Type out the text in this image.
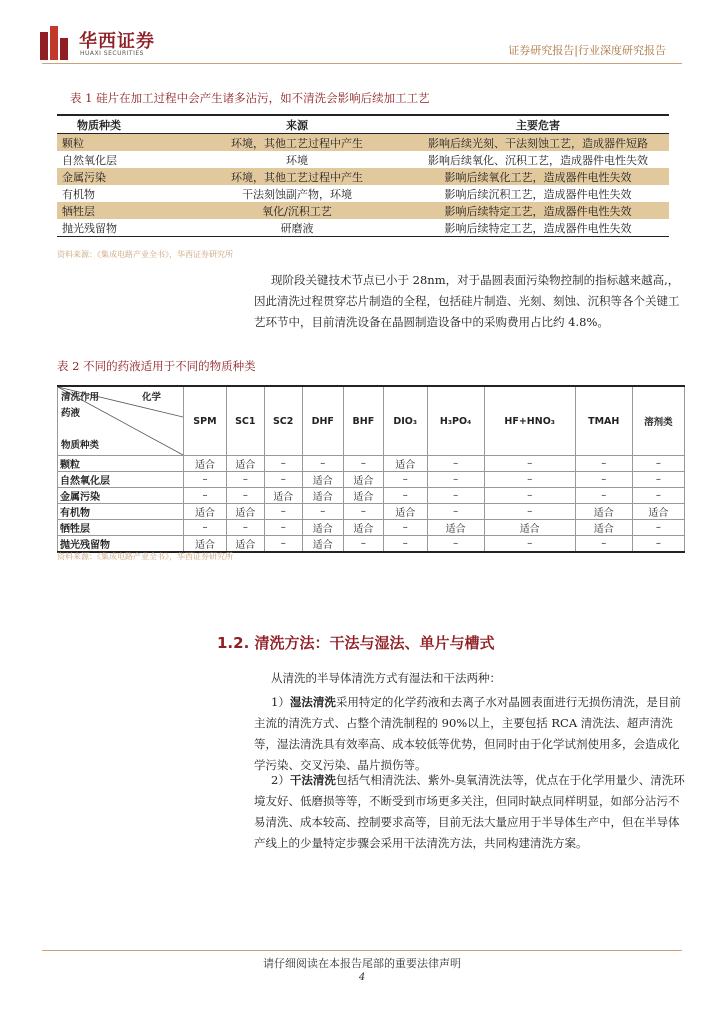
华西证券
HUAXI SECURITIES	证券研究报告|行业深度研究报告
表 1 硅片在加工过程中会产生诸多沾污，如不清洗会影响后续加工工艺
物质种类	来源	主要危害
颗粒	环境，其他工艺过程中产生	影响后续光刻、干法刻蚀工艺，造成器件短路
自然氧化层	环境	影响后续氧化、沉积工艺，造成器件电性失效
金属污染	环境，其他工艺过程中产生	影响后续氧化工艺，造成器件电性失效
有机物	干法刻蚀副产物，环境	影响后续沉积工艺，造成器件电性失效
牺牲层	氧化/沉积工艺	影响后续特定工艺，造成器件电性失效
抛光残留物	研磨液	影响后续特定工艺，造成器件电性失效
资料来源：《集成电路产业全书》，华西证券研究所
现阶段关键技术节点已小于 28nm，对于晶圆表面污染物控制的指标越来越高,，因此清洗过程贯穿芯片制造的全程，包括硅片制造、光刻、刻蚀、沉积等各个关键工艺环节中，目前清洗设备在晶圆制造设备中的采购费用占比约 4.8%。
表 2 不同的药液适用于不同的物质种类
清洗作用 化学
药液
物质种类	SPM	SC1	SC2	DHF	BHF	DIO₃	H₃PO₄	HF+HNO₃	TMAH	溶剂类
颗粒	适合	适合	–	–	–	适合	–	–	–	–
自然氧化层	–	–	–	适合	适合	–	–	–	–	–
金属污染	–	–	适合	适合	适合	–	–	–	–	–
有机物	适合	适合	–	–	–	适合	–	–	适合	适合
牺牲层	–	–	–	适合	适合	–	适合	适合	适合	–
抛光残留物	适合	适合	–	适合	–	–	–	–	–	–
资料来源：《集成电路产业全书》，华西证券研究所
1.2. 清洗方法：干法与湿法、单片与槽式
从清洗的半导体清洗方式有湿法和干法两种：
1）湿法清洗采用特定的化学药液和去离子水对晶圆表面进行无损伤清洗，是目前主流的清洗方式、占整个清洗制程的 90%以上，主要包括 RCA 清洗法、超声清洗等，湿法清洗具有效率高、成本较低等优势，但同时由于化学试剂使用多，会造成化学污染、交叉污染、晶片损伤等。
2）干法清洗包括气相清洗法、紫外-臭氧清洗法等，优点在于化学用量少、清洗环境友好、低磨损等等，不断受到市场更多关注，但同时缺点同样明显，如部分沾污不易清洗、成本较高、控制要求高等，目前无法大量应用于半导体生产中，但在半导体产线上的少量特定步骤会采用干法清洗方法，共同构建清洗方案。
请仔细阅读在本报告尾部的重要法律声明
4
